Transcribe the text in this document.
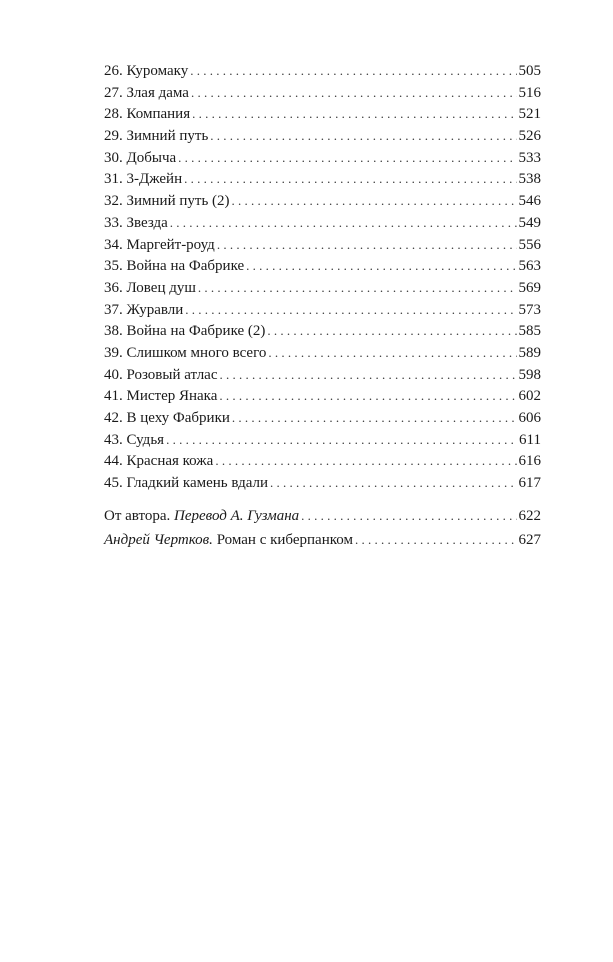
26. Куромаку . . .	505
27. Злая дама . . .	516
28. Компания . . .	521
29. Зимний путь . . .	526
30. Добыча . . .	533
31. 3-Джейн . . .	538
32. Зимний путь (2) . . .	546
33. Звезда . . .	549
34. Маргейт-роуд . . .	556
35. Война на Фабрике . . .	563
36. Ловец душ . . .	569
37. Журавли . . .	573
38. Война на Фабрике (2) . . .	585
39. Слишком много всего . . .	589
40. Розовый атлас . . .	598
41. Мистер Янака . . .	602
42. В цеху Фабрики . . .	606
43. Судья . . .	611
44. Красная кожа . . .	616
45. Гладкий камень вдали . . .	617
От автора. Перевод А. Гузмана . . .	622
Андрей Чертков. Роман с киберпанком . . .	627
